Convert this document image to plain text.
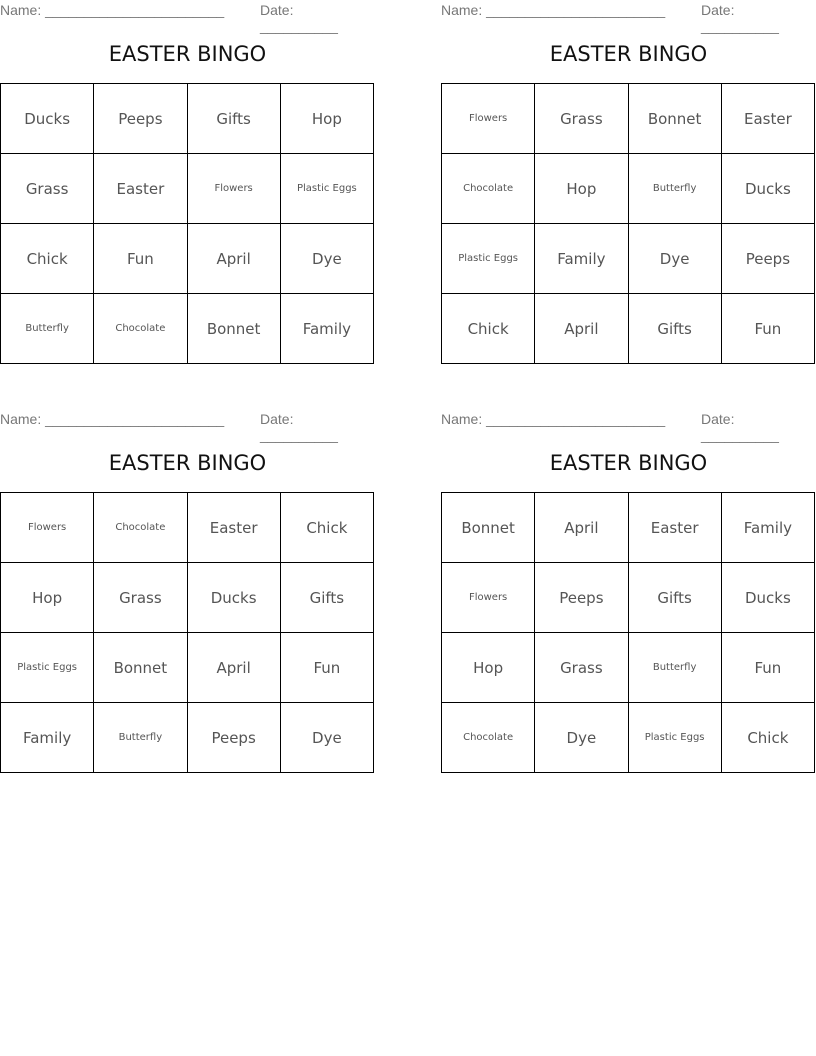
Name: _______________________	Date: __________
EASTER BINGO
Ducks	Peeps	Gifts	Hop
Grass	Easter	Flowers	Plastic Eggs
Chick	Fun	April	Dye
Butterfly	Chocolate	Bonnet	Family
Name: _______________________	Date: __________
EASTER BINGO
Flowers	Grass	Bonnet	Easter
Chocolate	Hop	Butterfly	Ducks
Plastic Eggs	Family	Dye	Peeps
Chick	April	Gifts	Fun
Name: _______________________	Date: __________
EASTER BINGO
Flowers	Chocolate	Easter	Chick
Hop	Grass	Ducks	Gifts
Plastic Eggs	Bonnet	April	Fun
Family	Butterfly	Peeps	Dye
Name: _______________________	Date: __________
EASTER BINGO
Bonnet	April	Easter	Family
Flowers	Peeps	Gifts	Ducks
Hop	Grass	Butterfly	Fun
Chocolate	Dye	Plastic Eggs	Chick
